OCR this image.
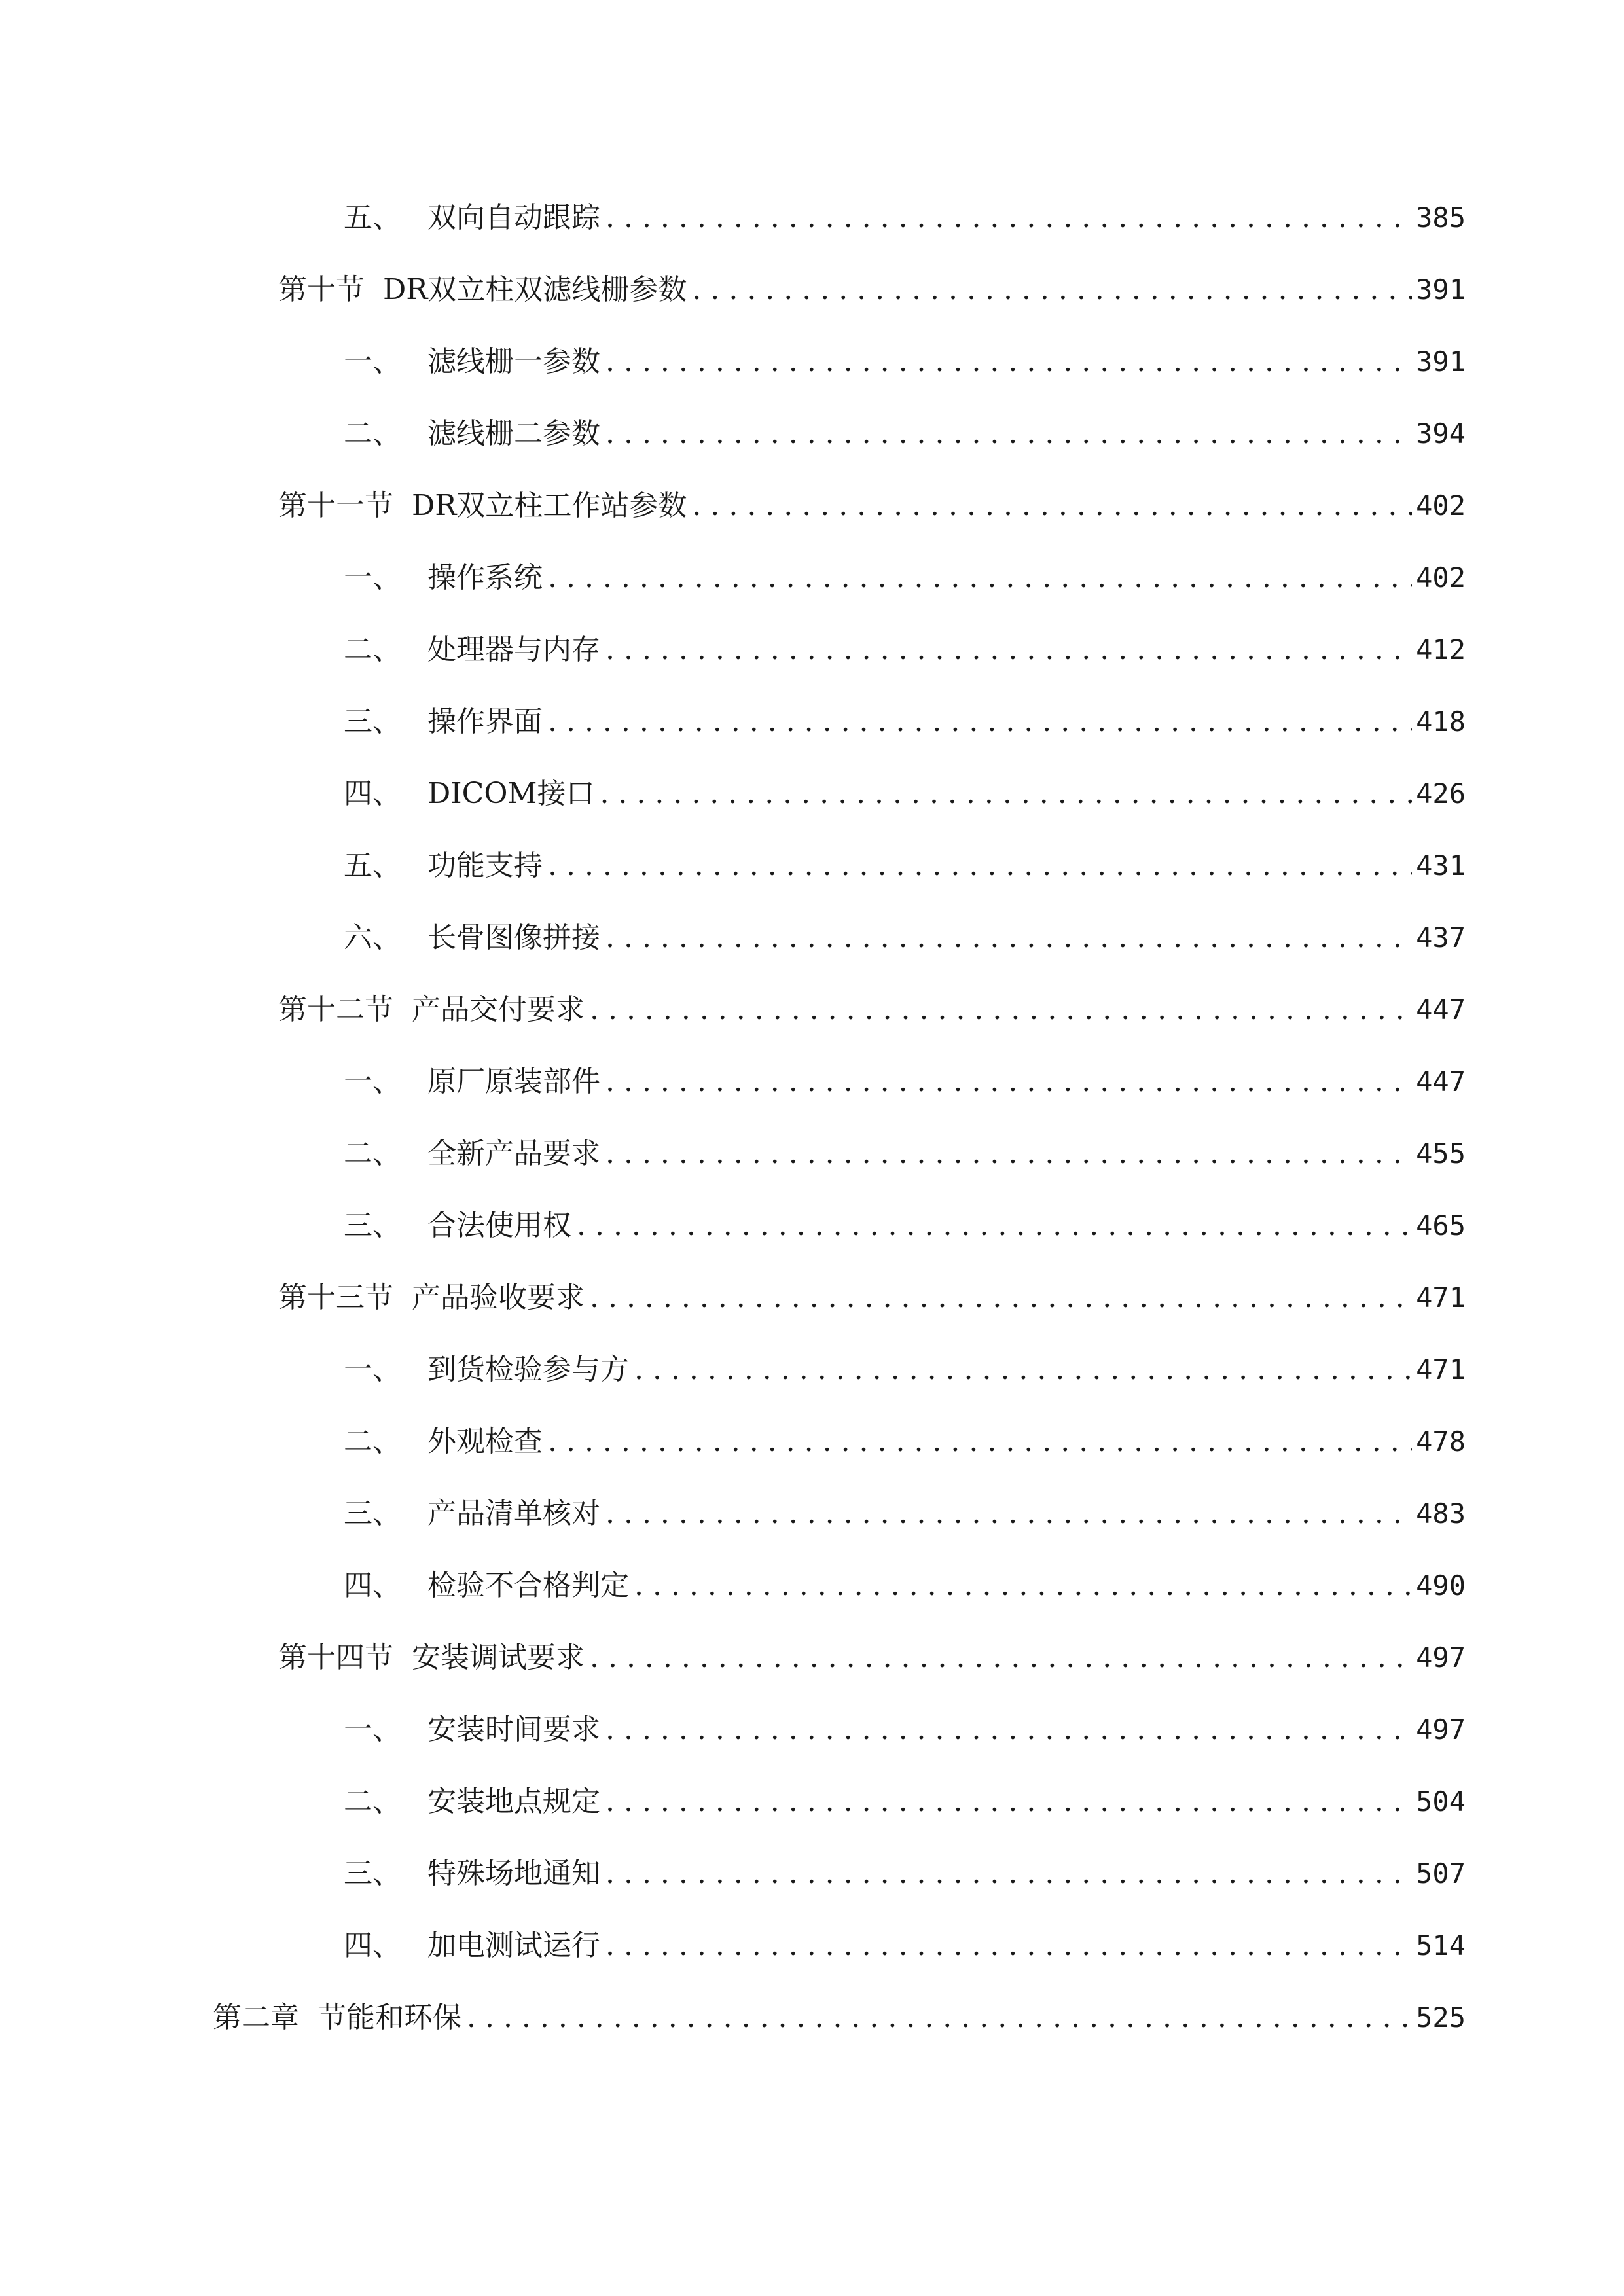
五、 双向自动跟踪 . . .	385
第十节 DR双立柱双滤线栅参数 . . .	391
一、 滤线栅一参数 . . .	391
二、 滤线栅二参数 . . .	394
第十一节 DR双立柱工作站参数 . . .	402
一、 操作系统 . . .	402
二、 处理器与内存 . . .	412
三、 操作界面 . . .	418
四、 DICOM接口 . . .	426
五、 功能支持 . . .	431
六、 长骨图像拼接 . . .	437
第十二节 产品交付要求 . . .	447
一、 原厂原装部件 . . .	447
二、 全新产品要求 . . .	455
三、 合法使用权 . . .	465
第十三节 产品验收要求 . . .	471
一、 到货检验参与方 . . .	471
二、 外观检查 . . .	478
三、 产品清单核对 . . .	483
四、 检验不合格判定 . . .	490
第十四节 安装调试要求 . . .	497
一、 安装时间要求 . . .	497
二、 安装地点规定 . . .	504
三、 特殊场地通知 . . .	507
四、 加电测试运行 . . .	514
第二章 节能和环保 . . .	525
